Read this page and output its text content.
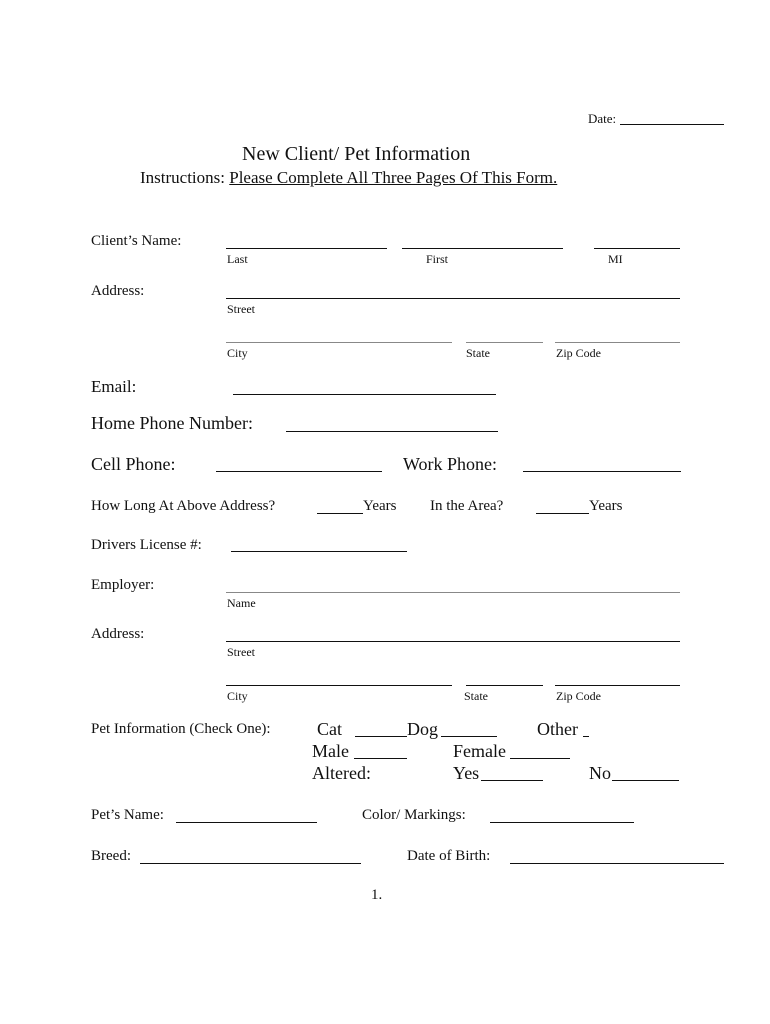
Date:
New Client/ Pet Information
Instructions: Please Complete All Three Pages Of This Form.
Client’s Name:
Last	First	MI
Address:
Street
City	State	Zip Code
Email:
Home Phone Number:
Cell Phone:	Work Phone:
How Long At Above Address?	Years In the Area?	Years
Drivers License #:
Employer:
Name
Address:
Street
City	State	Zip Code
Pet Information (Check One):	Cat	Dog	Other
Male	Female
Altered:	Yes	No
Pet’s Name:	Color/ Markings:
Breed:	Date of Birth:
1.
